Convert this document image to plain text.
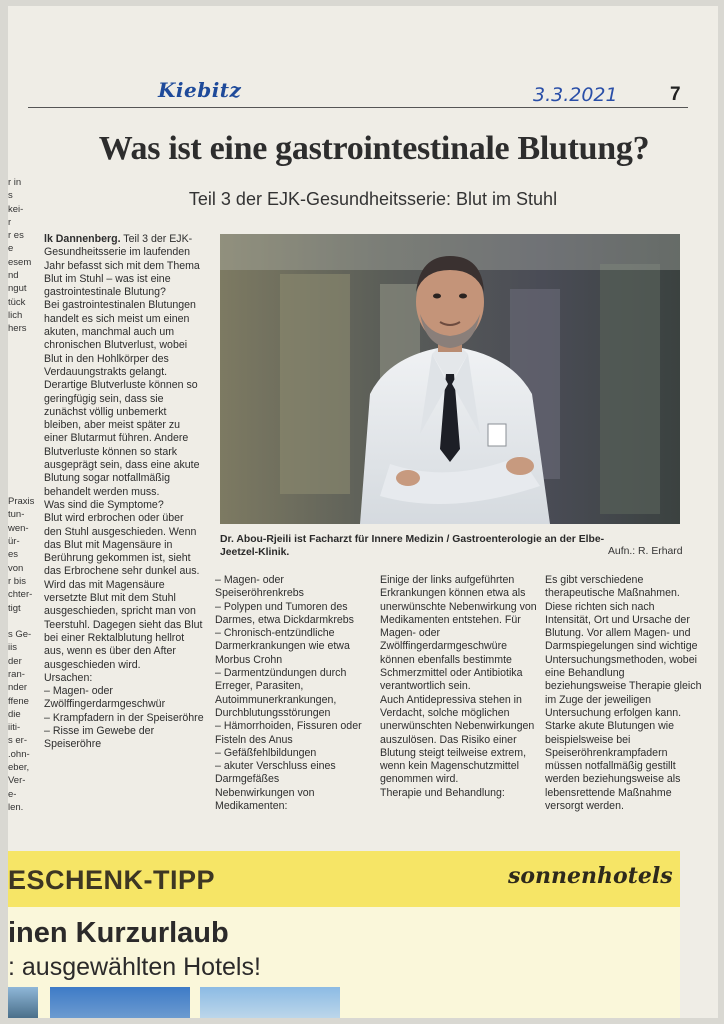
r in
s
kei-
r
r es
e
esem
nd
ngut
tück
lich
hers

Praxis
tun-
wen-
ür-
es
von
r bis
chter-
tigt

s Ge-
iis
der
ran-
nder
ffene
die
iiti-
s er-
.ohn-
eber,
Ver-
e-
len.
Kiebitz	3.3.2021	7
Was ist eine gastrointestinale Blutung?
Teil 3 der EJK-Gesundheitsserie: Blut im Stuhl
lk Dannenberg. Teil 3 der EJK-Gesundheitsserie im laufenden Jahr befasst sich mit dem Thema Blut im Stuhl – was ist eine gastrointestinale Blutung?
Bei gastrointestinalen Blutungen handelt es sich meist um einen akuten, manchmal auch um chronischen Blutverlust, wobei Blut in den Hohlkörper des Verdauungstrakts gelangt. Derartige Blutverluste können so geringfügig sein, dass sie zunächst völlig unbemerkt bleiben, aber meist später zu einer Blutarmut führen. Andere Blutverluste können so stark ausgeprägt sein, dass eine akute Blutung sogar notfallmäßig behandelt werden muss.
Was sind die Symptome?
Blut wird erbrochen oder über den Stuhl ausgeschieden. Wenn das Blut mit Magensäure in Berührung gekommen ist, sieht das Erbrochene sehr dunkel aus. Wird das mit Magensäure versetzte Blut mit dem Stuhl ausgeschieden, spricht man von Teerstuhl. Dagegen sieht das Blut bei einer Rektalblutung hellrot aus, wenn es über den After ausgeschieden wird.
Ursachen:
– Magen- oder Zwölffingerdarmgeschwür
– Krampfadern in der Speiseröhre
– Risse im Gewebe der Speiseröhre
Dr. Abou-Rjeili ist Facharzt für Innere Medizin / Gastroenterologie an der Elbe-Jeetzel-Klinik.	Aufn.: R. Erhard
– Magen- oder Speiseröhrenkrebs
– Polypen und Tumoren des Darmes, etwa Dickdarmkrebs
– Chronisch-entzündliche Darmerkrankungen wie etwa Morbus Crohn
– Darmentzündungen durch Erreger, Parasiten, Autoimmunerkrankungen, Durchblutungsstörungen
– Hämorrhoiden, Fissuren oder Fisteln des Anus
– Gefäßfehlbildungen
– akuter Verschluss eines Darmgefäßes
Nebenwirkungen von Medikamenten:
Einige der links aufgeführten Erkrankungen können etwa als unerwünschte Nebenwirkung von Medikamenten entstehen. Für Magen- oder Zwölffingerdarmgeschwüre können ebenfalls bestimmte Schmerzmittel oder Antibiotika verantwortlich sein.
Auch Antidepressiva stehen in Verdacht, solche möglichen unerwünschten Nebenwirkungen auszulösen. Das Risiko einer Blutung steigt teilweise extrem, wenn kein Magenschutzmittel genommen wird.
Therapie und Behandlung:
Es gibt verschiedene therapeutische Maßnahmen. Diese richten sich nach Intensität, Ort und Ursache der Blutung. Vor allem Magen- und Darmspiegelungen sind wichtige Untersuchungsmethoden, wobei eine Behandlung beziehungsweise Therapie gleich im Zuge der jeweiligen Untersuchung erfolgen kann. Starke akute Blutungen wie beispielsweise bei Speiseröhrenkrampfadern müssen notfallmäßig gestillt werden beziehungsweise als lebensrettende Maßnahme versorgt werden.
ESCHENK-TIPP	sonnenhotels
inen Kurzurlaub
: ausgewählten Hotels!
